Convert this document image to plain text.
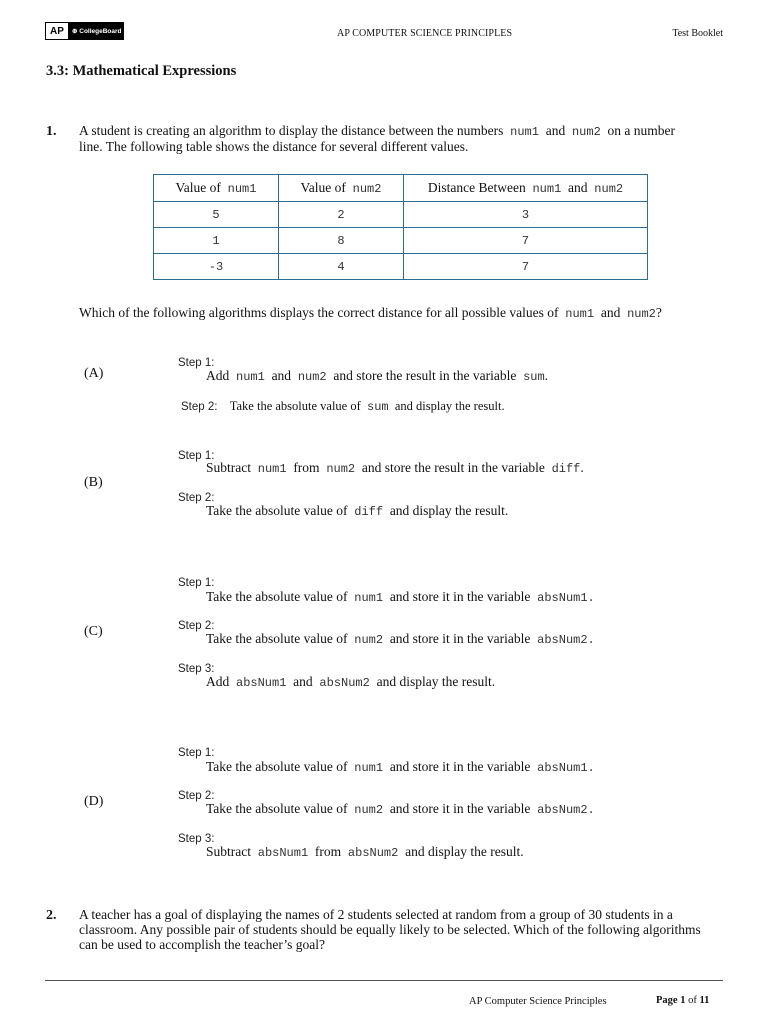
AP	⊕ CollegeBoard	AP COMPUTER SCIENCE PRINCIPLES	Test Booklet
3.3: Mathematical Expressions
1. A student is creating an algorithm to display the distance between the numbers num1 and num2 on a number
line. The following table shows the distance for several different values.
Value of num1	Value of num2	Distance Between num1 and num2
5	2	3
1	8	7
-3	4	7
Which of the following algorithms displays the correct distance for all possible values of num1 and num2?
(A)
Step 1:
Add num1 and num2 and store the result in the variable sum.
Step 2: Take the absolute value of sum and display the result.
(B)
Step 1:
Subtract num1 from num2 and store the result in the variable diff.
Step 2:
Take the absolute value of diff and display the result.
(C)
Step 1:
Take the absolute value of num1 and store it in the variable absNum1.
Step 2:
Take the absolute value of num2 and store it in the variable absNum2.
Step 3:
Add absNum1 and absNum2 and display the result.
(D)
Step 1:
Take the absolute value of num1 and store it in the variable absNum1.
Step 2:
Take the absolute value of num2 and store it in the variable absNum2.
Step 3:
Subtract absNum1 from absNum2 and display the result.
2. A teacher has a goal of displaying the names of 2 students selected at random from a group of 30 students in a
classroom. Any possible pair of students should be equally likely to be selected. Which of the following algorithms
can be used to accomplish the teacher’s goal?
AP Computer Science Principles	Page 1 of 11
